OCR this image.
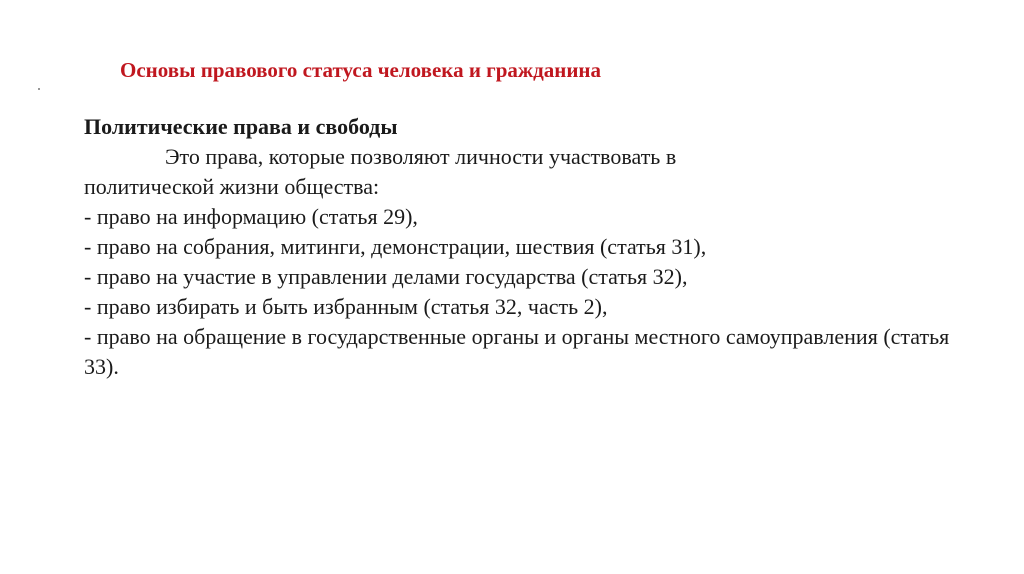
Основы правового статуса человека и гражданина
Политические права и свободы

Это права, которые позволяют личности участвовать в
политической жизни общества:

- право на информацию (статья 29),
- право на собрания, митинги, демонстрации, шествия (статья 31),
- право на участие в управлении делами государства (статья 32),
- право избирать и быть избранным (статья 32, часть 2),
- право на обращение в государственные органы и органы местного самоуправления (статья 33).
